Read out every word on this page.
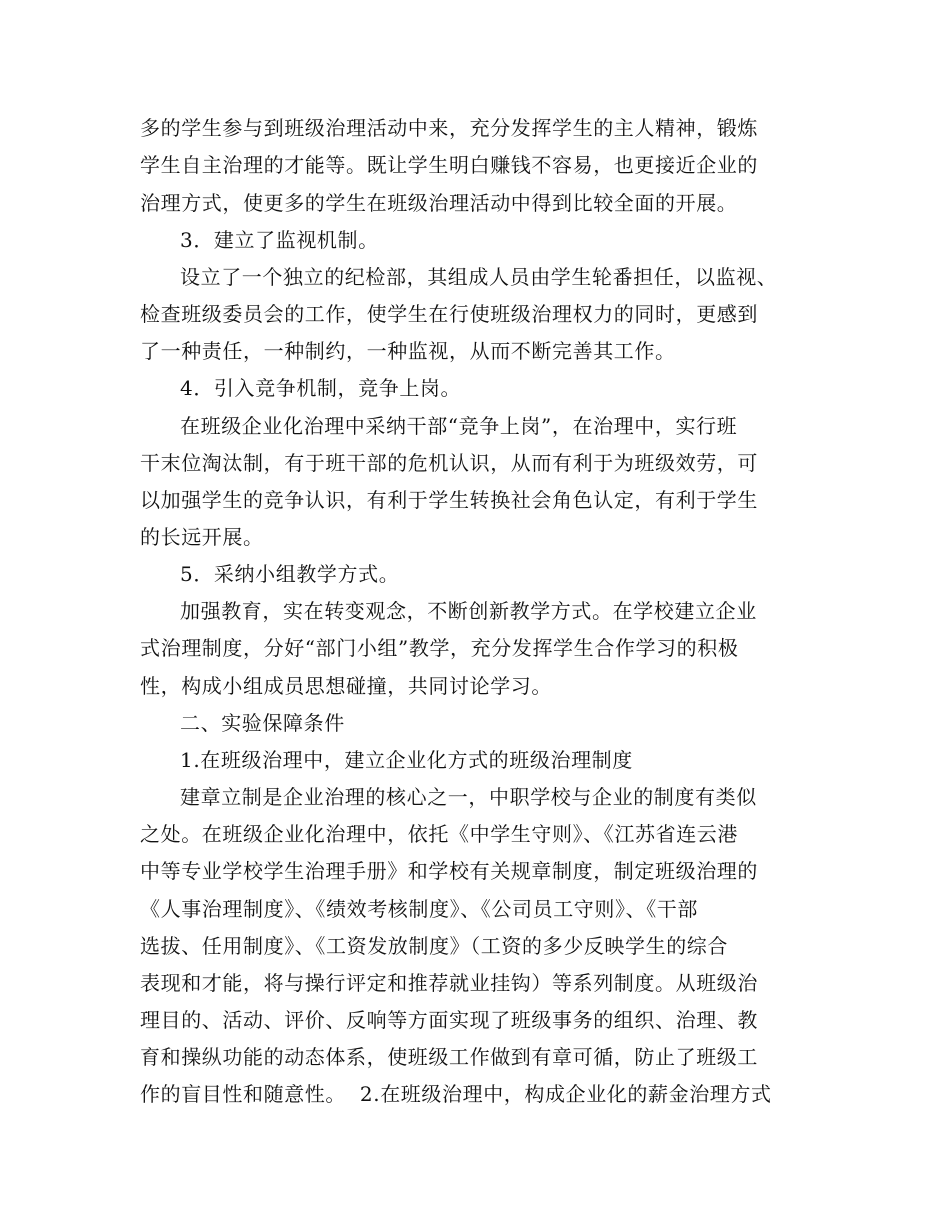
多的学生参与到班级治理活动中来，充分发挥学生的主人精神，锻炼
学生自主治理的才能等。既让学生明白赚钱不容易，也更接近企业的
治理方式，使更多的学生在班级治理活动中得到比较全面的开展。
3．建立了监视机制。
设立了一个独立的纪检部，其组成人员由学生轮番担任，以监视、
检查班级委员会的工作，使学生在行使班级治理权力的同时，更感到
了一种责任，一种制约，一种监视，从而不断完善其工作。
4．引入竞争机制，竞争上岗。
在班级企业化治理中采纳干部“竞争上岗”，在治理中，实行班
干末位淘汰制，有于班干部的危机认识，从而有利于为班级效劳，可
以加强学生的竞争认识，有利于学生转换社会角色认定，有利于学生
的长远开展。
5．采纳小组教学方式。
加强教育，实在转变观念，不断创新教学方式。在学校建立企业
式治理制度，分好“部门小组”教学，充分发挥学生合作学习的积极
性，构成小组成员思想碰撞，共同讨论学习。
二、实验保障条件
1.在班级治理中，建立企业化方式的班级治理制度
建章立制是企业治理的核心之一，中职学校与企业的制度有类似
之处。在班级企业化治理中，依托《中学生守则》、《江苏省连云港
中等专业学校学生治理手册》和学校有关规章制度，制定班级治理的
《人事治理制度》、《绩效考核制度》、《公司员工守则》、《干部
选拔、任用制度》、《工资发放制度》（工资的多少反映学生的综合
表现和才能，将与操行评定和推荐就业挂钩）等系列制度。从班级治
理目的、活动、评价、反响等方面实现了班级事务的组织、治理、教
育和操纵功能的动态体系，使班级工作做到有章可循，防止了班级工
作的盲目性和随意性。  2.在班级治理中，构成企业化的薪金治理方式
